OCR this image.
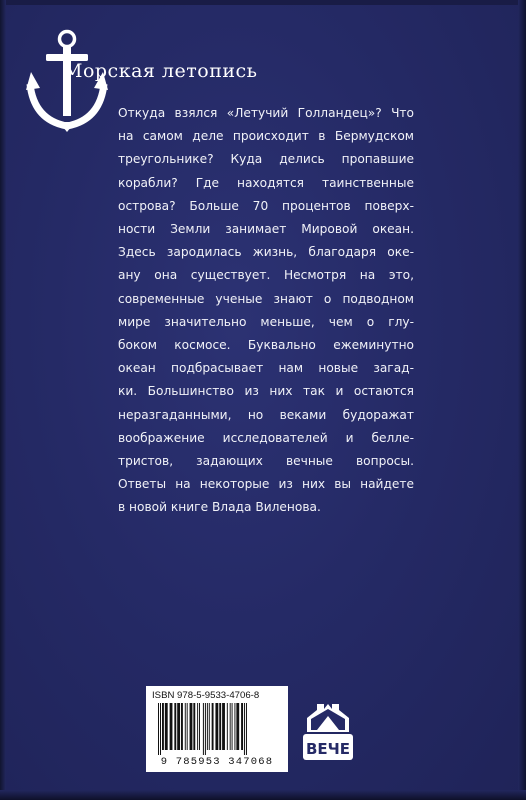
Морская летопись

Откуда взялся «Летучий Голландец»? Что
на самом деле происходит в Бермудском
треугольнике? Куда делись пропавшие
корабли? Где находятся таинственные
острова? Больше 70 процентов поверх-
ности Земли занимает Мировой океан.
Здесь зародилась жизнь, благодаря оке-
ану она существует. Несмотря на это,
современные ученые знают о подводном
мире значительно меньше, чем о глу-
боком космосе. Буквально ежеминутно
океан подбрасывает нам новые загад-
ки. Большинство из них так и остаются
неразгаданными, но веками будоражат
воображение исследователей и белле-
тристов, задающих вечные вопросы.
Ответы на некоторые из них вы найдете
в новой книге Влада Виленова.

ISBN 978-5-9533-4706-8

9 785953 347068
ВЕЧЕ
